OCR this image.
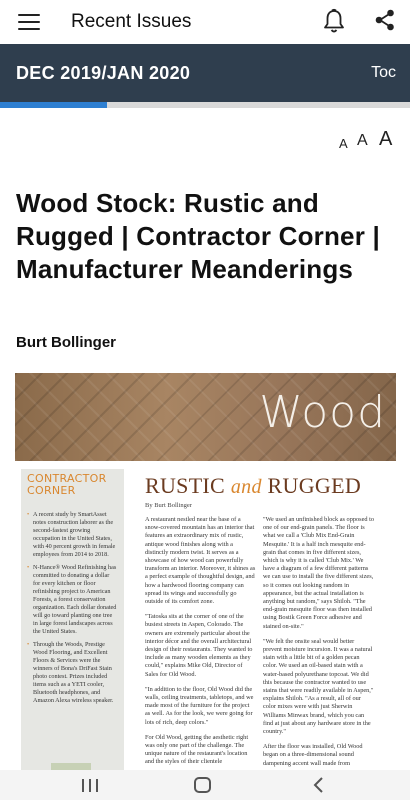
Recent Issues
DEC 2019/JAN 2020	Toc
A A A
Wood Stock: Rustic and Rugged | Contractor Corner | Manufacturer Meanderings
Burt Bollinger
Wood
CONTRACTOR
CORNER
• A recent study by SmartAsset notes construction laborer as the second-fastest growing occupation in the United States, with 40 percent growth in female employees from 2014 to 2018.
• N-Hance® Wood Refinishing has committed to donating a dollar for every kitchen or floor refinishing project to American Forests, a forest conservation organization. Each dollar donated will go toward planting one tree in large forest landscapes across the United States.
• Through the Woods, Prestige Wood Flooring, and Excellent Floors & Services were the winners of Bona's DriFast Stain photo contest. Prizes included items such as a YETI cooler, Bluetooth headphones, and Amazon Alexa wireless speaker.
RUSTIC and RUGGED
By Burt Bollinger

A restaurant nestled near the base of a snow-covered mountain has an interior that features an extraordinary mix of rustic, antique wood finishes along with a distinctly modern twist. It serves as a showcase of how wood can powerfully transform an interior. Moreover, it shines as a perfect example of thoughtful design, and how a hardwood flooring company can spread its wings and successfully go outside of its comfort zone.

"Tatoska sits at the corner of one of the busiest streets in Aspen, Colorado. The owners are extremely particular about the interior décor and the overall architectural design of their restaurants. They wanted to include as many wooden elements as they could," explains Mike Old, Director of Sales for Old Wood.

"In addition to the floor, Old Wood did the walls, ceiling treatments, tabletops, and we made most of the furniture for the project as well. As for the look, we were going for lots of rich, deep colors."

For Old Wood, getting the aesthetic right was only one part of the challenge. The unique nature of the restaurant's location and the styles of their clientele

"We used an unfinished block as opposed to one of our end-grain panels. The floor is what we call a 'Club Mix End-Grain Mesquite.' It is a half inch mesquite end-grain that comes in five different sizes, which is why it is called 'Club Mix.' We have a diagram of a few different patterns we can use to install the five different sizes, so it comes out looking random in appearance, but the actual installation is anything but random," says Shiloh. "The end-grain mesquite floor was then installed using Bostik Green Force adhesive and stained on-site."

"We felt the onsite seal would better prevent moisture incursion. It was a natural stain with a little bit of a golden pecan color. We used an oil-based stain with a water-based polyurethane topcoat. We did this because the contractor wanted to use stains that were readily available in Aspen," explains Shiloh. "As a result, all of our color mixes were with just Sherwin Williams Minwax brand, which you can find at just about any hardware store in the country."

After the floor was installed, Old Wood began on a three-dimensional sound dampening accent wall made from
